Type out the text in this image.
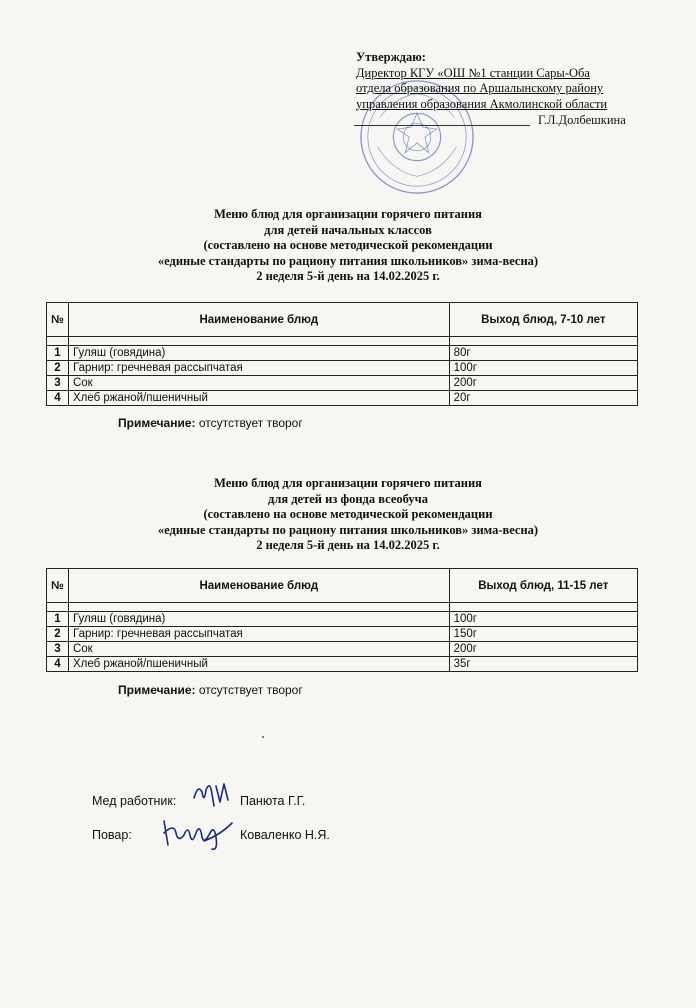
Утверждаю:
Директор КГУ «ОШ №1 станции Сары-Оба
отдела образования по Аршалынскому району
управления образования Акмолинской области
Г.Л.Долбешкина
Меню блюд для организации горячего питания
для детей начальных классов
(составлено на основе методической рекомендации
«единые стандарты по рациону питания школьников» зима-весна)
2 неделя 5-й день на 14.02.2025 г.
№	Наименование блюд	Выход блюд, 7-10 лет

1	Гуляш (говядина)	80г
2	Гарнир: гречневая рассыпчатая	100г
3	Сок	200г
4	Хлеб ржаной/пшеничный	20г
Примечание: отсутствует творог
Меню блюд для организации горячего питания
для детей из фонда всеобуча
(составлено на основе методической рекомендации
«единые стандарты по рациону питания школьников» зима-весна)
2 неделя 5-й день на 14.02.2025 г.
№	Наименование блюд	Выход блюд, 11-15 лет

1	Гуляш (говядина)	100г
2	Гарнир: гречневая рассыпчатая	150г
3	Сок	200г
4	Хлеб ржаной/пшеничный	35г
Примечание: отсутствует творог
Мед работник:	Панюта Г.Г.
Повар:	Коваленко Н.Я.
